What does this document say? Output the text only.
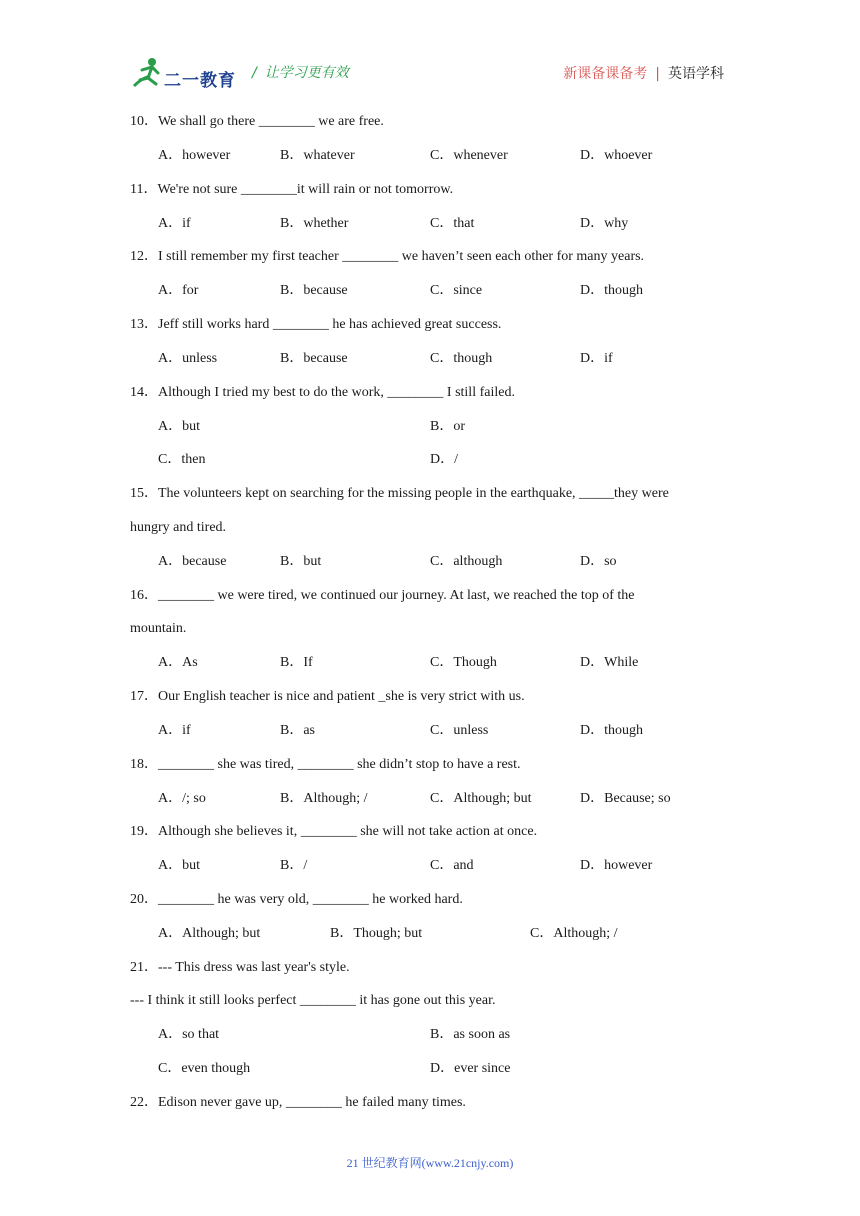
二一教育 / 让学习更有效	新课备课备考 | 英语学科
10．We shall go there ________ we are free.
A．however	B．whatever	C．whenever	D．whoever
11．We're not sure ________it will rain or not tomorrow.
A．if	B．whether	C．that	D．why
12．I still remember my first teacher ________ we haven’t seen each other for many years.
A．for	B．because	C．since	D．though
13．Jeff still works hard ________ he has achieved great success.
A．unless	B．because	C．though	D．if
14．Although I tried my best to do the work, ________ I still failed.
A．but	B．or
C．then	D．/
15．The volunteers kept on searching for the missing people in the earthquake, _____they were
hungry and tired.
A．because	B．but	C．although	D．so
16．________ we were tired, we continued our journey. At last, we reached the top of the
mountain.
A．As	B．If	C．Though	D．While
17．Our English teacher is nice and patient _she is very strict with us.
A．if	B．as	C．unless	D．though
18．________ she was tired, ________ she didn’t stop to have a rest.
A．/; so	B．Although; /	C．Although; but	D．Because; so
19．Although she believes it, ________ she will not take action at once.
A．but	B．/	C．and	D．however
20．________ he was very old, ________ he worked hard.
A．Although; but	B．Though; but	C．Although; /
21．--- This dress was last year's style.
--- I think it still looks perfect ________ it has gone out this year.
A．so that	B．as soon as
C．even though	D．ever since
22．Edison never gave up, ________ he failed many times.
21 世纪教育网(www.21cnjy.com)
